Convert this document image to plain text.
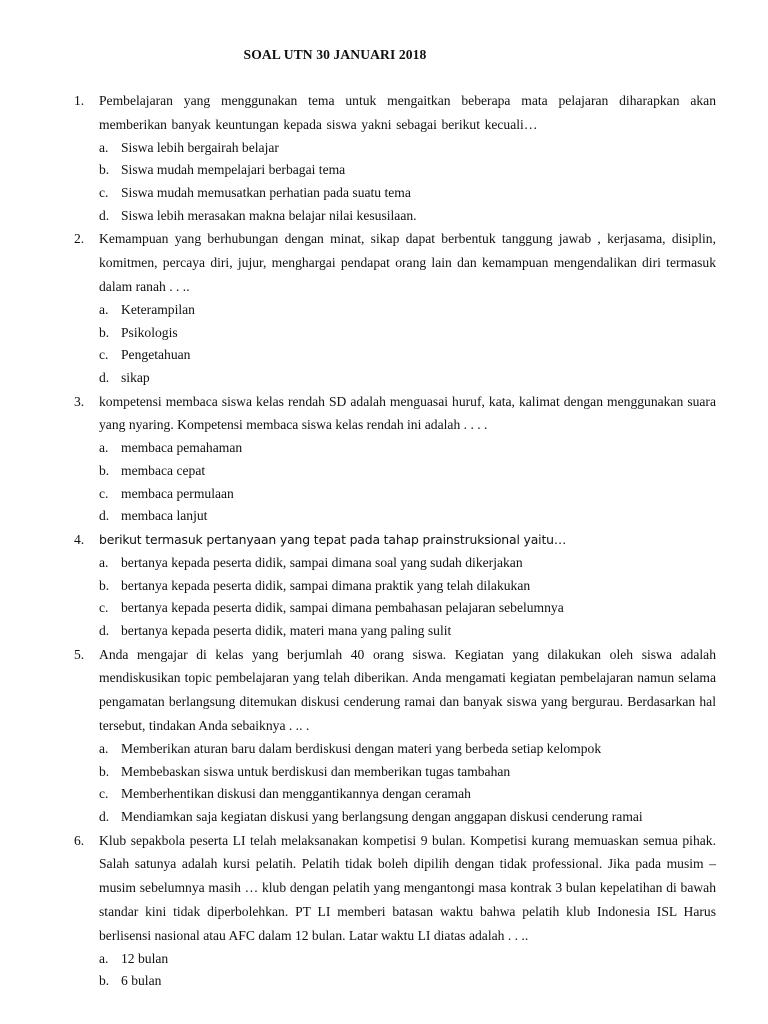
SOAL UTN 30 JANUARI 2018
1. Pembelajaran yang menggunakan tema untuk mengaitkan beberapa mata pelajaran diharapkan akan memberikan banyak keuntungan kepada siswa yakni sebagai berikut kecuali…

a. Siswa lebih bergairah belajar
b. Siswa mudah mempelajari berbagai tema
c. Siswa mudah memusatkan perhatian pada suatu tema
d. Siswa lebih merasakan makna belajar nilai kesusilaan.
2. Kemampuan yang berhubungan dengan minat, sikap dapat berbentuk tanggung jawab , kerjasama, disiplin, komitmen, percaya diri, jujur, menghargai pendapat orang lain dan kemampuan mengendalikan diri termasuk dalam ranah . . ..

a. Keterampilan
b. Psikologis
c. Pengetahuan
d. sikap
3. kompetensi membaca siswa kelas rendah SD adalah menguasai huruf, kata, kalimat dengan menggunakan suara yang nyaring. Kompetensi membaca siswa kelas rendah ini adalah . . . .

a. membaca pemahaman
b. membaca cepat
c. membaca permulaan
d. membaca lanjut
4. berikut termasuk pertanyaan yang tepat pada tahap prainstruksional yaitu…

a. bertanya kepada peserta didik, sampai dimana soal yang sudah dikerjakan
b. bertanya kepada peserta didik, sampai dimana praktik yang telah dilakukan
c. bertanya kepada peserta didik, sampai dimana pembahasan pelajaran sebelumnya
d. bertanya kepada peserta didik, materi mana yang paling sulit
5. Anda mengajar di kelas yang berjumlah 40 orang siswa. Kegiatan yang dilakukan oleh siswa adalah mendiskusikan topic pembelajaran yang telah diberikan. Anda mengamati kegiatan pembelajaran namun selama pengamatan berlangsung ditemukan diskusi cenderung ramai dan banyak siswa yang bergurau. Berdasarkan hal tersebut, tindakan Anda sebaiknya . .. .

a. Memberikan aturan baru dalam berdiskusi dengan materi yang berbeda setiap kelompok
b. Membebaskan siswa untuk berdiskusi dan memberikan tugas tambahan
c. Memberhentikan diskusi dan menggantikannya dengan ceramah
d. Mendiamkan saja kegiatan diskusi yang berlangsung dengan anggapan diskusi cenderung ramai
6. Klub sepakbola peserta LI telah melaksanakan kompetisi 9 bulan. Kompetisi kurang memuaskan semua pihak. Salah satunya adalah kursi pelatih. Pelatih tidak boleh dipilih dengan tidak professional. Jika pada musim – musim sebelumnya masih … klub dengan pelatih yang mengantongi masa kontrak 3 bulan kepelatihan di bawah standar kini tidak diperbolehkan. PT LI memberi batasan waktu bahwa pelatih klub Indonesia ISL Harus berlisensi nasional atau AFC dalam 12 bulan. Latar waktu LI diatas adalah . . ..

a. 12 bulan
b. 6 bulan
